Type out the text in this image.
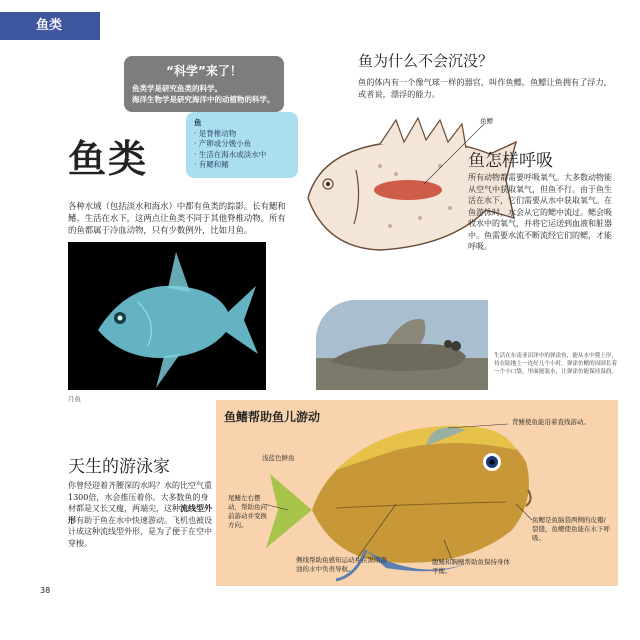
鱼类
“科学”来了！
鱼类学是研究鱼类的科学。
海洋生物学是研究海洋中的动植物的科学。
鱼
· 是脊椎动物
· 产卵或分娩小鱼
· 生活在海水或淡水中
· 有鳃和鳍
鱼类
各种水域（包括淡水和海水）中都有鱼类的踪影。长有鳃和鳍、生活在水下，这两点让鱼类不同于其他脊椎动物。所有的鱼都属于冷血动物，只有少数例外，比如月鱼。
月鱼
鱼为什么不会沉没？
鱼的体内有一个像气球一样的器官，叫作鱼鳔。鱼鳔让鱼拥有了浮力，或者说，漂浮的能力。
鱼鳔
鱼怎样呼吸
所有动物都需要呼吸氧气。大多数动物能从空气中获取氧气，但鱼不行。由于鱼生活在水下，它们需要从水中获取氧气。在鱼游泳时，水会从它的鳃中流过。鳃会吸收水中的氧气，并将它运送到血液和脏器中。鱼需要水流不断流经它们的鳃，才能呼吸。
生活在东南亚沼泽中的弹涂鱼，能从水中爬上岸，待在陆地上一连好几个小时。弹涂鱼鳃的周围长着一个小口袋，里面能装水，让弹涂鱼能保持湿润。
鱼鳍帮助鱼儿游动	背鳍使鱼能沿着直线游动。
浅蓝色鲜鱼
尾鳍左右摆动，帮助鱼向前游动并变换方向。
侧线帮助鱼感知运动并在黑暗混浊的水中负责导航。
腹鳍和胸鳍帮助鱼保持身体平衡。
鱼鳃是鱼脑袋两侧的皮瓣/裂缝，鱼鳃使鱼能在水下呼吸。
天生的游泳家
你曾经迎着齐腰深的水吗？水的比空气重1300倍，水会推压着你。大多数鱼的身材都是又长又瘦，两端尖，这种流线型外形有助于鱼在水中快速游动。飞机也被设计成这种流线型外形，是为了便于在空中穿梭。
38
